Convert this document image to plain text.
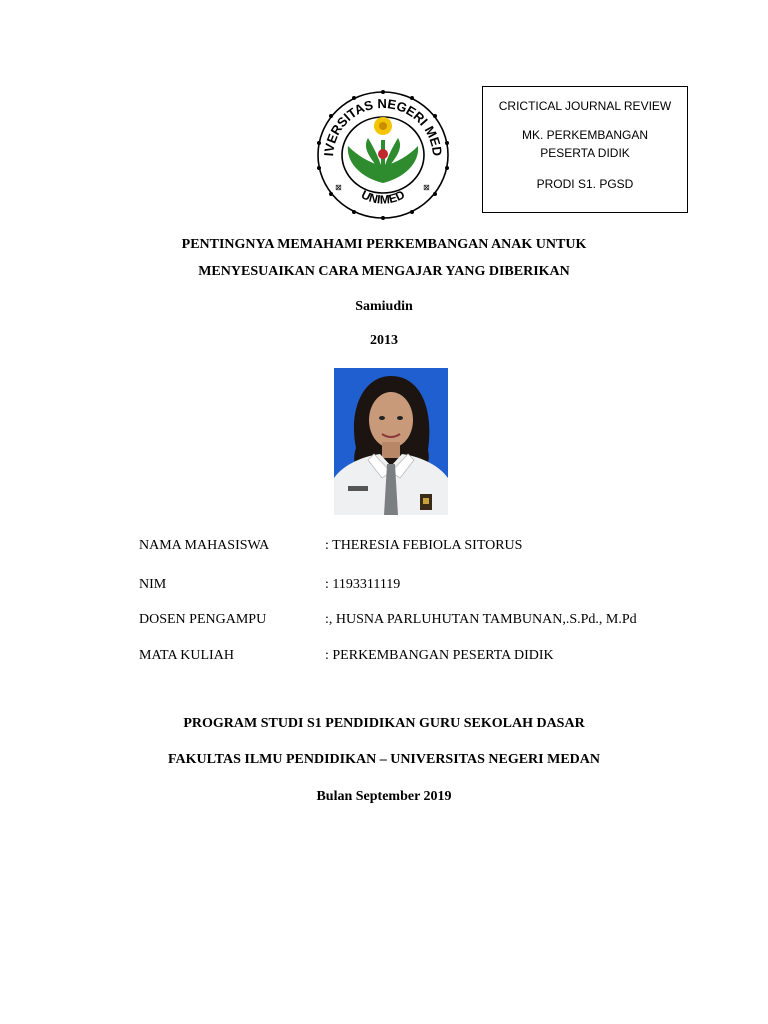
IVERSITAS NEGERI MED
UNIMED
⊠	⊠
CRICTICAL JOURNAL REVIEW
MK. PERKEMBANGAN
PESERTA DIDIK
PRODI S1. PGSD
PENTINGNYA MEMAHAMI PERKEMBANGAN ANAK UNTUK
MENYESUAIKAN CARA MENGAJAR YANG DIBERIKAN
Samiudin
2013
NAMA MAHASISWA	: THERESIA FEBIOLA SITORUS
NIM	: 1193311119
DOSEN PENGAMPU	:, HUSNA PARLUHUTAN TAMBUNAN,.S.Pd., M.Pd
MATA KULIAH	: PERKEMBANGAN PESERTA DIDIK
PROGRAM STUDI S1 PENDIDIKAN GURU SEKOLAH DASAR
FAKULTAS ILMU PENDIDIKAN – UNIVERSITAS NEGERI MEDAN
Bulan September 2019
